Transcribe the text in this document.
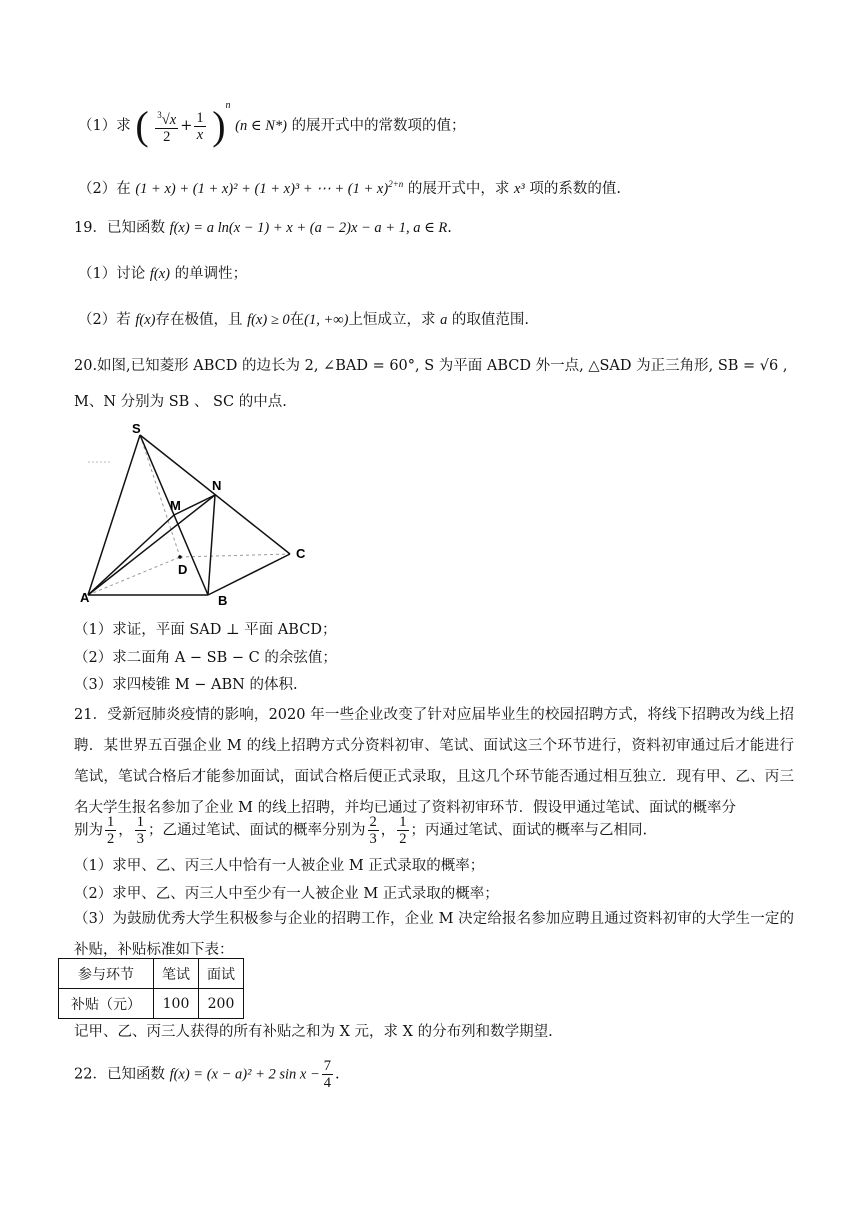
（1）求 ( $\frac{^3√x}{2} + \frac{1}{x} )^n$ (n ∈ N*) 的展开式中的常数项的值；
（2）在 (1 + x) + (1 + x)² + (1 + x)³ + ⋯ + $(1 + x)^{2+n}$ 的展开式中，求 x³ 项的系数的值.
19．已知函数 f(x) = a ln(x − 1) + x + (a − 2)x − a + 1, a ∈ R.
（1）讨论 f(x) 的单调性；
（2）若 f(x)存在极值，且 f(x) ≥ 0在(1, +∞)上恒成立，求 a 的取值范围.
20.如图,已知菱形 ABCD 的边长为 2, ∠BAD = 60°, S 为平面 ABCD 外一点, △SAD 为正三角形, SB = √6 ,
M、N 分别为 SB 、 SC 的中点.
S
A	B
C
D
M
N
（1）求证，平面 SAD ⊥ 平面 ABCD；
（2）求二面角 A − SB − C 的余弦值；
（3）求四棱锥 M − ABN 的体积.
21．受新冠肺炎疫情的影响，2020 年一些企业改变了针对应届毕业生的校园招聘方式，将线下招聘改为线上招聘．某世界五百强企业 M 的线上招聘方式分资料初审、笔试、面试这三个环节进行，资料初审通过后才能进行笔试，笔试合格后才能参加面试，面试合格后便正式录取，且这几个环节能否通过相互独立．现有甲、乙、丙三名大学生报名参加了企业 M 的线上招聘，并均已通过了资料初审环节．假设甲通过笔试、面试的概率分
别为 $\frac{1}{2}$ ， $\frac{1}{3}$ ；乙通过笔试、面试的概率分别为 $\frac{2}{3}$ ， $\frac{1}{2}$ ；丙通过笔试、面试的概率与乙相同.
（1）求甲、乙、丙三人中恰有一人被企业 M 正式录取的概率；
（2）求甲、乙、丙三人中至少有一人被企业 M 正式录取的概率；
（3）为鼓励优秀大学生积极参与企业的招聘工作，企业 M 决定给报名参加应聘且通过资料初审的大学生一定的补贴，补贴标准如下表：
参与环节	笔试	面试
补贴（元）	100	200
记甲、乙、丙三人获得的所有补贴之和为 X 元，求 X 的分布列和数学期望.
22．已知函数 f(x) = (x − a)² + 2 $\sin x - \frac{7}{4}$ .
